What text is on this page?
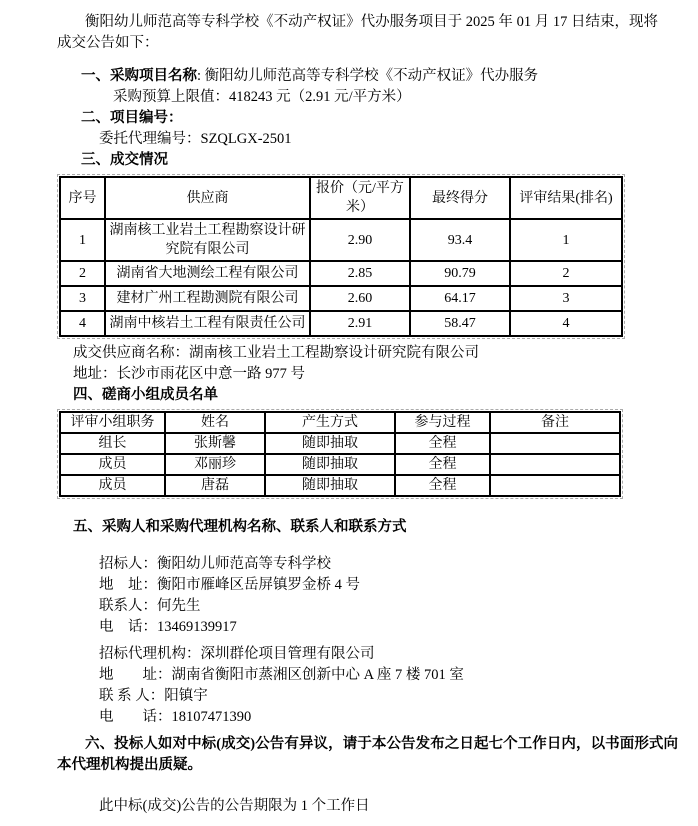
衡阳幼儿师范高等专科学校《不动产权证》代办服务项目于 2025 年 01 月 17 日结束，现将成交公告如下：

一、采购项目名称: 衡阳幼儿师范高等专科学校《不动产权证》代办服务

采购预算上限值：418243 元（2.91 元/平方米）

二、项目编号：

委托代理编号：SZQLGX-2501

三、成交情况

序号	供应商	报价（元/平方米）	最终得分	评审结果(排名)
1	湖南核工业岩土工程勘察设计研究院有限公司	2.90	93.4	1
2	湖南省大地测绘工程有限公司	2.85	90.79	2
3	建材广州工程勘测院有限公司	2.60	64.17	3
4	湖南中核岩土工程有限责任公司	2.91	58.47	4

成交供应商名称：湖南核工业岩土工程勘察设计研究院有限公司

地址：长沙市雨花区中意一路 977 号

四、磋商小组成员名单

评审小组职务	姓名	产生方式	参与过程	备注
组长	张斯馨	随即抽取	全程	
成员	邓丽珍	随即抽取	全程	
成员	唐磊	随即抽取	全程	

五、采购人和采购代理机构名称、联系人和联系方式

招标人：衡阳幼儿师范高等专科学校

地　址：衡阳市雁峰区岳屏镇罗金桥 4 号

联系人：何先生

电　话：13469139917

招标代理机构：深圳群伦项目管理有限公司

地　　址：湖南省衡阳市蒸湘区创新中心 A 座 7 楼 701 室

联 系 人：阳镇宇

电　　话：18107471390

六、投标人如对中标(成交)公告有异议，请于本公告发布之日起七个工作日内，以书面形式向本代理机构提出质疑。

此中标(成交)公告的公告期限为 1 个工作日
